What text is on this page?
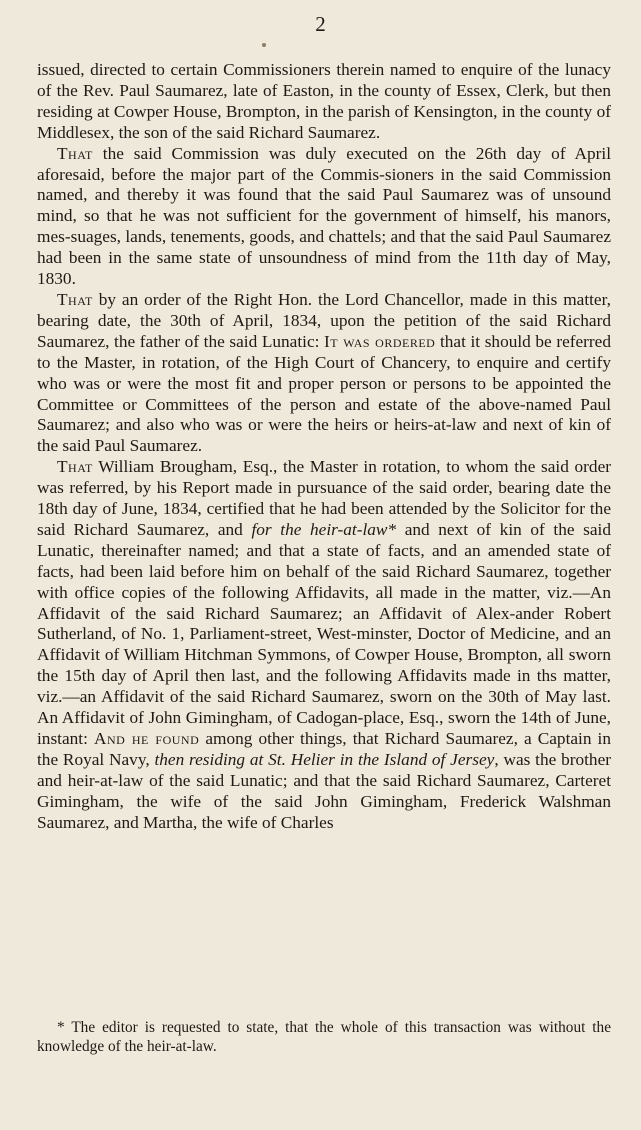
2

issued, directed to certain Commissioners therein named to enquire of the lunacy of the Rev. Paul Saumarez, late of Easton, in the county of Essex, Clerk, but then residing at Cowper House, Brompton, in the parish of Kensington, in the county of Middlesex, the son of the said Richard Saumarez.

That the said Commission was duly executed on the 26th day of April aforesaid, before the major part of the Commis-sioners in the said Commission named, and thereby it was found that the said Paul Saumarez was of unsound mind, so that he was not sufficient for the government of himself, his manors, mes-suages, lands, tenements, goods, and chattels; and that the said Paul Saumarez had been in the same state of unsoundness of mind from the 11th day of May, 1830.

That by an order of the Right Hon. the Lord Chancellor, made in this matter, bearing date, the 30th of April, 1834, upon the petition of the said Richard Saumarez, the father of the said Lunatic: It was ordered that it should be referred to the Master, in rotation, of the High Court of Chancery, to enquire and certify who was or were the most fit and proper person or persons to be appointed the Committee or Committees of the person and estate of the above-named Paul Saumarez; and also who was or were the heirs or heirs-at-law and next of kin of the said Paul Saumarez.

That William Brougham, Esq., the Master in rotation, to whom the said order was referred, by his Report made in pursuance of the said order, bearing date the 18th day of June, 1834, certified that he had been attended by the Solicitor for the said Richard Saumarez, and for the heir-at-law* and next of kin of the said Lunatic, thereinafter named; and that a state of facts, and an amended state of facts, had been laid before him on behalf of the said Richard Saumarez, together with office copies of the following Affidavits, all made in the matter, viz.—An Affidavit of the said Richard Saumarez; an Affidavit of Alex-ander Robert Sutherland, of No. 1, Parliament-street, West-minster, Doctor of Medicine, and an Affidavit of William Hitchman Symmons, of Cowper House, Brompton, all sworn the 15th day of April then last, and the following Affidavits made in ths matter, viz.—an Affidavit of the said Richard Saumarez, sworn on the 30th of May last. An Affidavit of John Gimingham, of Cadogan-place, Esq., sworn the 14th of June, instant: And he found among other things, that Richard Saumarez, a Captain in the Royal Navy, then residing at St. Helier in the Island of Jersey, was the brother and heir-at-law of the said Lunatic; and that the said Richard Saumarez, Carteret Gimingham, the wife of the said John Gimingham, Frederick Walshman Saumarez, and Martha, the wife of Charles

* The editor is requested to state, that the whole of this transaction was without the knowledge of the heir-at-law.
